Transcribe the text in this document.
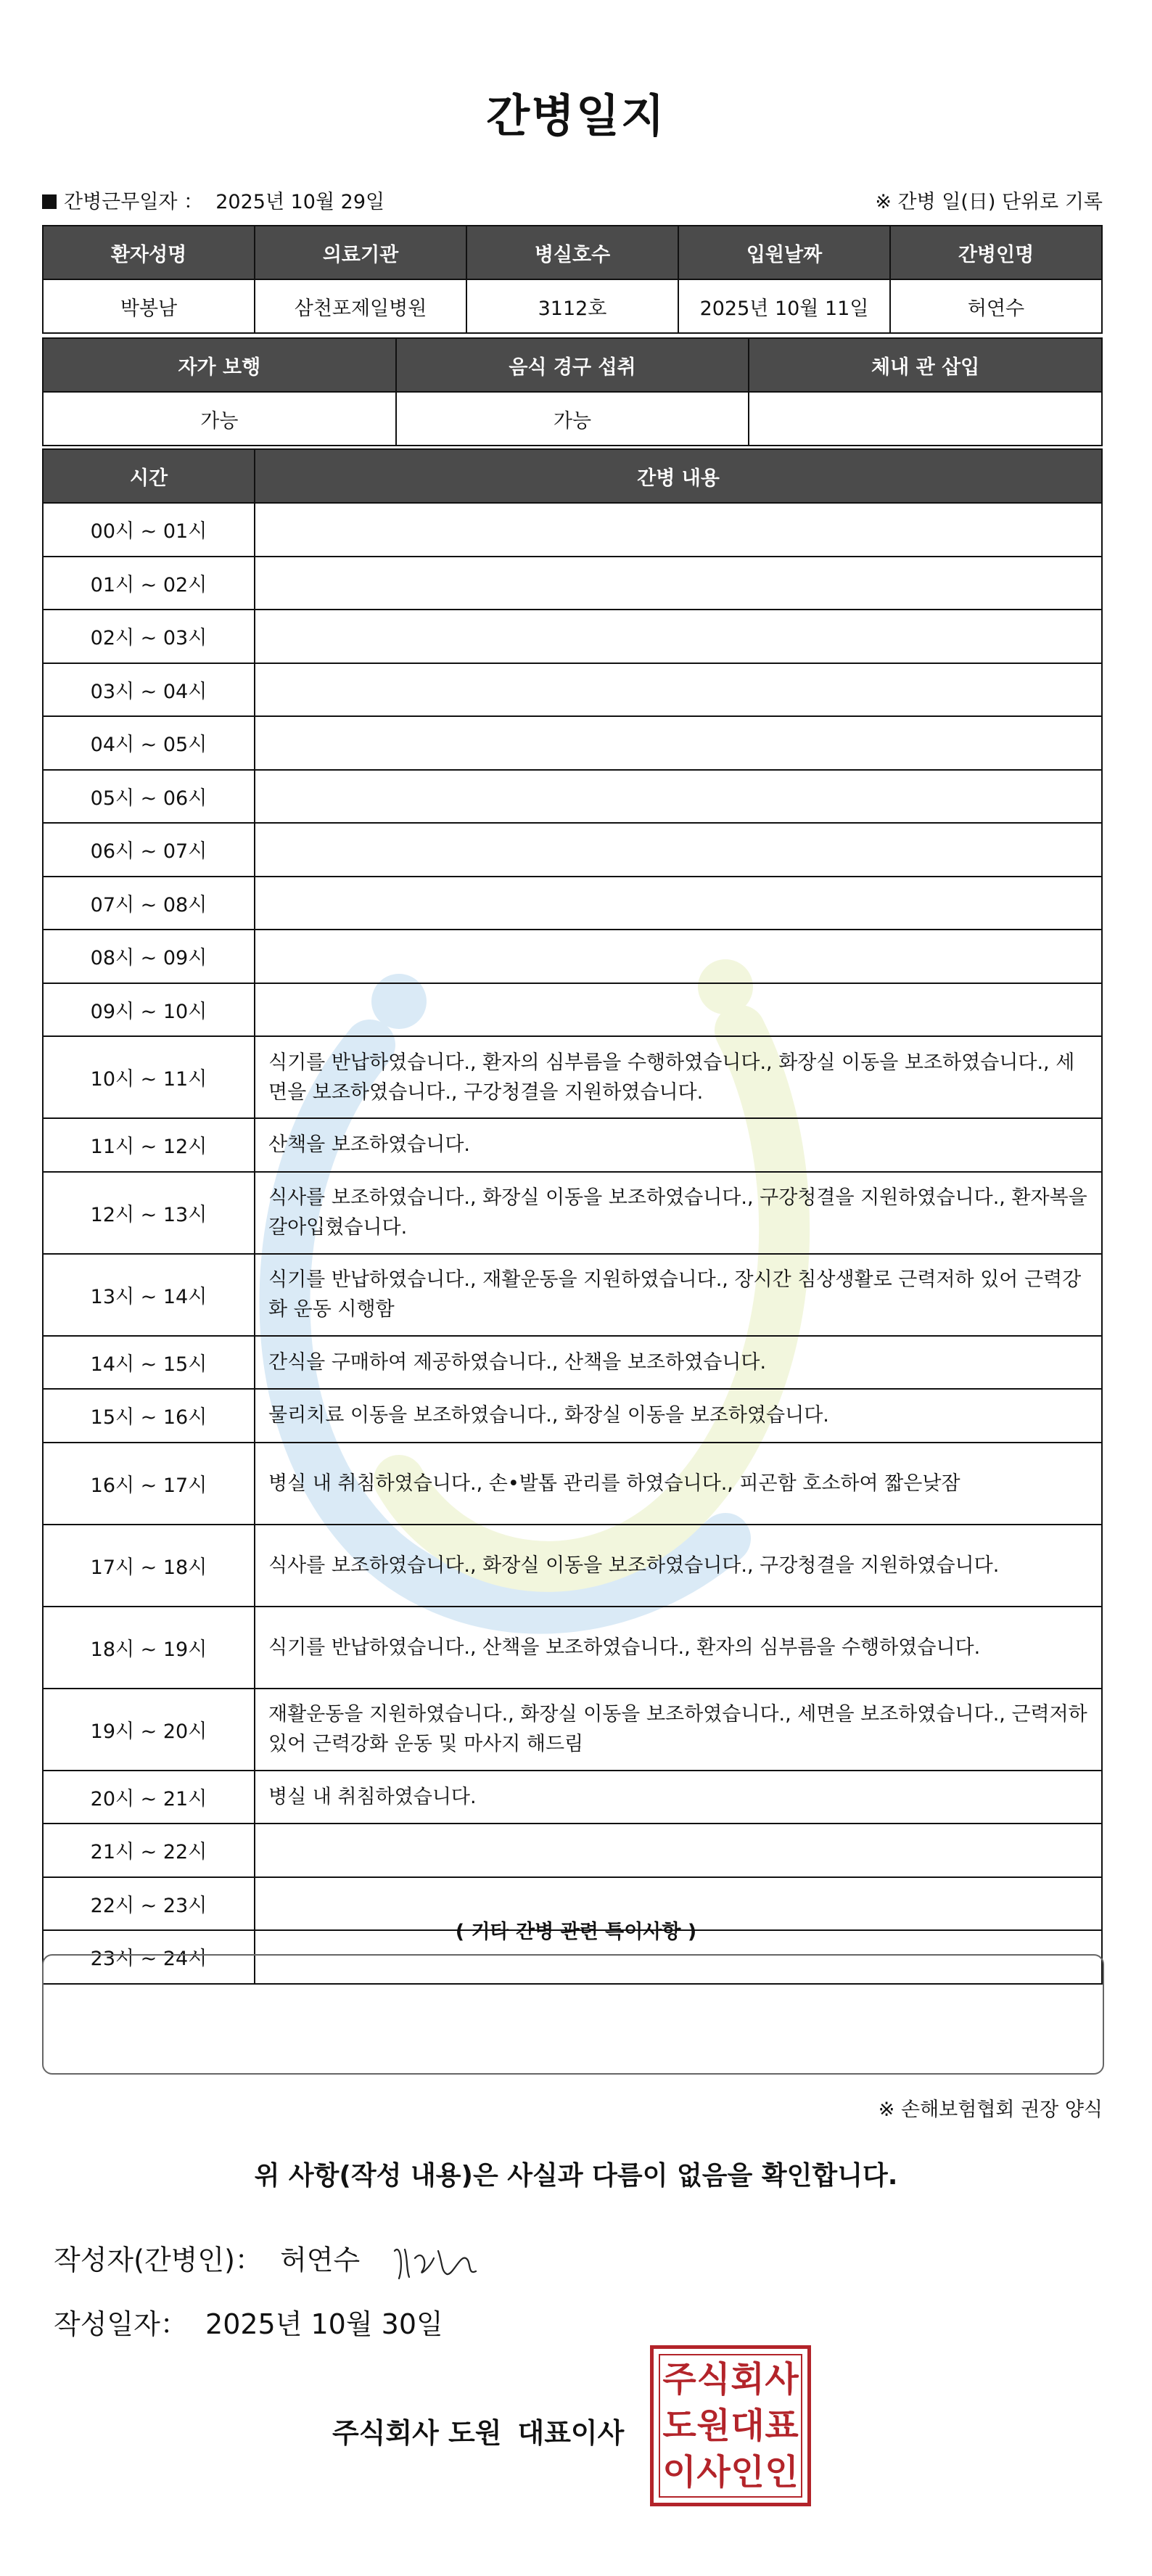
간병일지
간병근무일자 ： 2025년 10월 29일	※ 간병 일(日) 단위로 기록
환자성명	의료기관	병실호수	입원날짜	간병인명
박봉남	삼천포제일병원	3112호	2025년 10월 11일	허연수
자가 보행	음식 경구 섭취	체내 관 삽입
가능	가능	
시간	간병 내용
00시 ~ 01시	
01시 ~ 02시	
02시 ~ 03시	
03시 ~ 04시	
04시 ~ 05시	
05시 ~ 06시	
06시 ~ 07시	
07시 ~ 08시	
08시 ~ 09시	
09시 ~ 10시	
10시 ~ 11시	식기를 반납하였습니다., 환자의 심부름을 수행하였습니다., 화장실 이동을 보조하였습니다., 세면을 보조하였습니다., 구강청결을 지원하였습니다.
11시 ~ 12시	산책을 보조하였습니다.
12시 ~ 13시	식사를 보조하였습니다., 화장실 이동을 보조하였습니다., 구강청결을 지원하였습니다., 환자복을 갈아입혔습니다.
13시 ~ 14시	식기를 반납하였습니다., 재활운동을 지원하였습니다., 장시간 침상생활로 근력저하 있어 근력강화 운동 시행함
14시 ~ 15시	간식을 구매하여 제공하였습니다., 산책을 보조하였습니다.
15시 ~ 16시	물리치료 이동을 보조하였습니다., 화장실 이동을 보조하였습니다.
16시 ~ 17시	병실 내 취침하였습니다., 손•발톱 관리를 하였습니다., 피곤함 호소하여 짧은낮잠
17시 ~ 18시	식사를 보조하였습니다., 화장실 이동을 보조하였습니다., 구강청결을 지원하였습니다.
18시 ~ 19시	식기를 반납하였습니다., 산책을 보조하였습니다., 환자의 심부름을 수행하였습니다.
19시 ~ 20시	재활운동을 지원하였습니다., 화장실 이동을 보조하였습니다., 세면을 보조하였습니다., 근력저하있어 근력강화 운동 및 마사지 해드림
20시 ~ 21시	병실 내 취침하였습니다.
21시 ~ 22시	
22시 ~ 23시	
23시 ~ 24시	
( 기타 간병 관련 특이사항 )
※ 손해보험협회 권장 양식
위 사항(작성 내용)은 사실과 다름이 없음을 확인합니다.
작성자(간병인)： 허연수
작성일자： 2025년 10월 30일
주식회사 도원 대표이사
주 식 회 사
도 원 대 표
이 사 인 인
